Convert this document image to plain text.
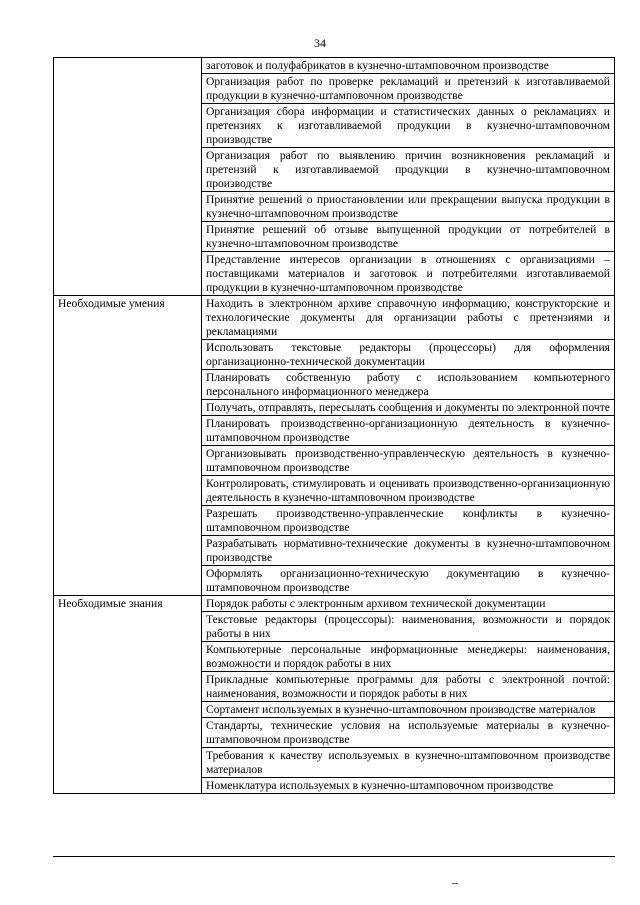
34
	заготовок и полуфабрикатов в кузнечно-штамповочном производстве
	Организация работ по проверке рекламаций и претензий к изготавливаемой продукции в кузнечно-штамповочном производстве
	Организация сбора информации и статистических данных о рекламациях и претензиях к изготавливаемой продукции в кузнечно-штамповочном производстве
	Организация работ по выявлению причин возникновения рекламаций и претензий к изготавливаемой продукции в кузнечно-штамповочном производстве
	Принятие решений о приостановлении или прекращении выпуска продукции в кузнечно-штамповочном производстве
	Принятие решений об отзыве выпущенной продукции от потребителей в кузнечно-штамповочном производстве
	Представление интересов организации в отношениях с организациями – поставщиками материалов и заготовок и потребителями изготавливаемой продукции в кузнечно-штамповочном производстве
Необходимые умения	Находить в электронном архиве справочную информацию, конструкторские и технологические документы для организации работы с претензиями и рекламациями
	Использовать текстовые редакторы (процессоры) для оформления организационно-технической документации
	Планировать собственную работу с использованием компьютерного персонального информационного менеджера
	Получать, отправлять, пересылать сообщения и документы по электронной почте
	Планировать производственно-организационную деятельность в кузнечно-штамповочном производстве
	Организовывать производственно-управленческую деятельность в кузнечно-штамповочном производстве
	Контролировать, стимулировать и оценивать производственно-организационную деятельность в кузнечно-штамповочном производстве
	Разрешать производственно-управленческие конфликты в кузнечно-штамповочном производстве
	Разрабатывать нормативно-технические документы в кузнечно-штамповочном производстве
	Оформлять организационно-техническую документацию в кузнечно-штамповочном производстве
Необходимые знания	Порядок работы с электронным архивом технической документации
	Текстовые редакторы (процессоры): наименования, возможности и порядок работы в них
	Компьютерные персональные информационные менеджеры: наименования, возможности и порядок работы в них
	Прикладные компьютерные программы для работы с электронной почтой: наименования, возможности и порядок работы в них
	Сортамент используемых в кузнечно-штамповочном производстве материалов
	Стандарты, технические условия на используемые материалы в кузнечно-штамповочном производстве
	Требования к качеству используемых в кузнечно-штамповочном производстве материалов
	Номенклатура используемых в кузнечно-штамповочном производстве
